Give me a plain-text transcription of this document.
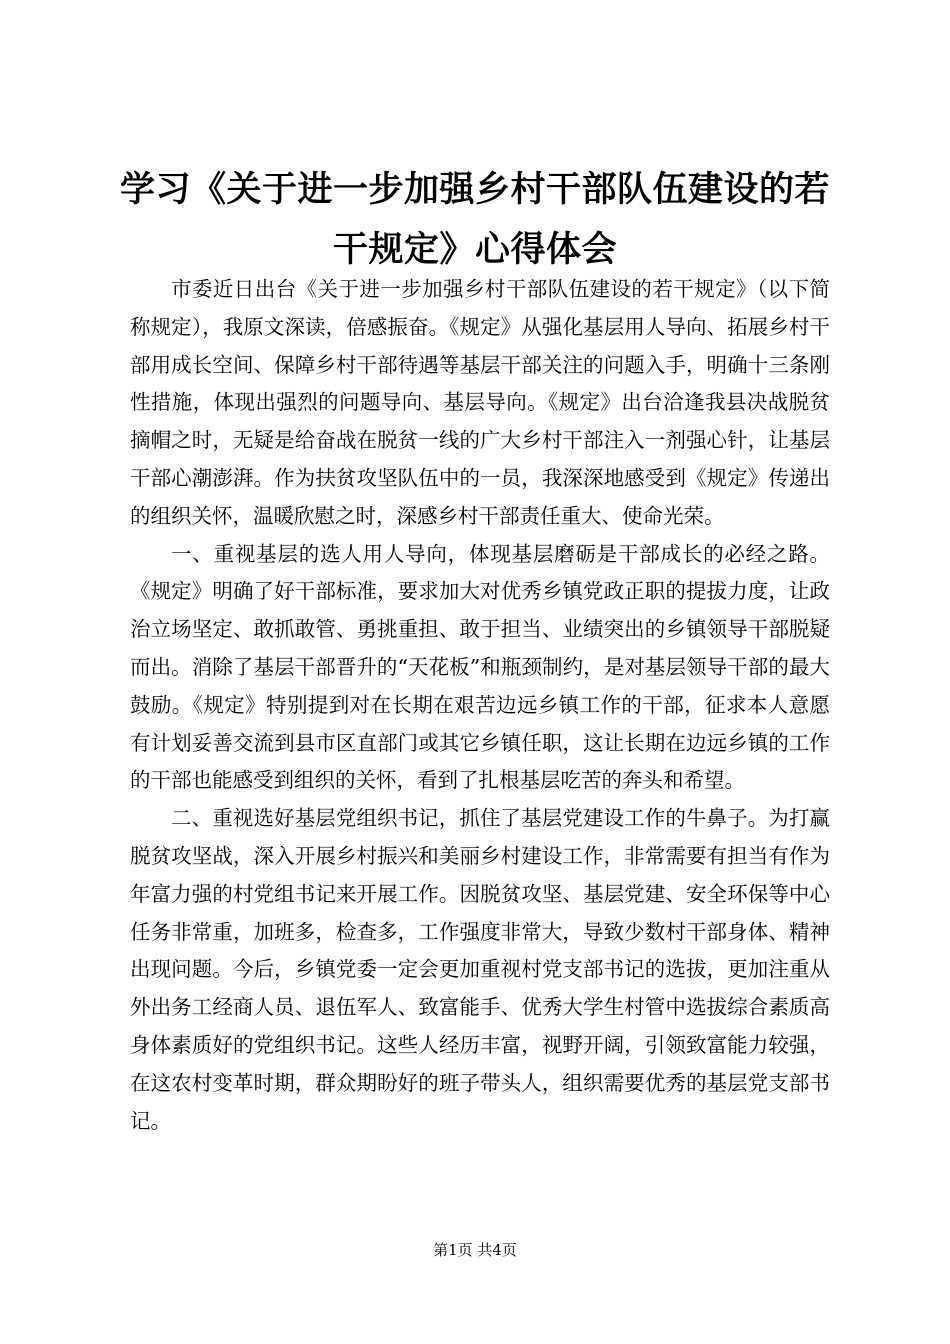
学习《关于进一步加强乡村干部队伍建设的若
干规定》心得体会

市委近日出台《关于进一步加强乡村干部队伍建设的若干规定》（以下简称规定），我原文深读，倍感振奋。《规定》从强化基层用人导向、拓展乡村干部用成长空间、保障乡村干部待遇等基层干部关注的问题入手，明确十三条刚性措施，体现出强烈的问题导向、基层导向。《规定》出台洽逢我县决战脱贫摘帽之时，无疑是给奋战在脱贫一线的广大乡村干部注入一剂强心针，让基层干部心潮澎湃。作为扶贫攻坚队伍中的一员，我深深地感受到《规定》传递出的组织关怀，温暖欣慰之时，深感乡村干部责任重大、使命光荣。

一、重视基层的选人用人导向，体现基层磨砺是干部成长的必经之路。《规定》明确了好干部标准，要求加大对优秀乡镇党政正职的提拔力度，让政治立场坚定、敢抓敢管、勇挑重担、敢于担当、业绩突出的乡镇领导干部脱疑而出。消除了基层干部晋升的“天花板”和瓶颈制约，是对基层领导干部的最大鼓励。《规定》特别提到对在长期在艰苦边远乡镇工作的干部，征求本人意愿有计划妥善交流到县市区直部门或其它乡镇任职，这让长期在边远乡镇的工作的干部也能感受到组织的关怀，看到了扎根基层吃苦的奔头和希望。

二、重视选好基层党组织书记，抓住了基层党建设工作的牛鼻子。为打赢脱贫攻坚战，深入开展乡村振兴和美丽乡村建设工作，非常需要有担当有作为年富力强的村党组书记来开展工作。因脱贫攻坚、基层党建、安全环保等中心任务非常重，加班多，检查多，工作强度非常大，导致少数村干部身体、精神出现问题。今后，乡镇党委一定会更加重视村党支部书记的选拔，更加注重从外出务工经商人员、退伍军人、致富能手、优秀大学生村管中选拔综合素质高身体素质好的党组织书记。这些人经历丰富，视野开阔，引领致富能力较强，在这农村变革时期，群众期盼好的班子带头人，组织需要优秀的基层党支部书记。

第1页 共4页
